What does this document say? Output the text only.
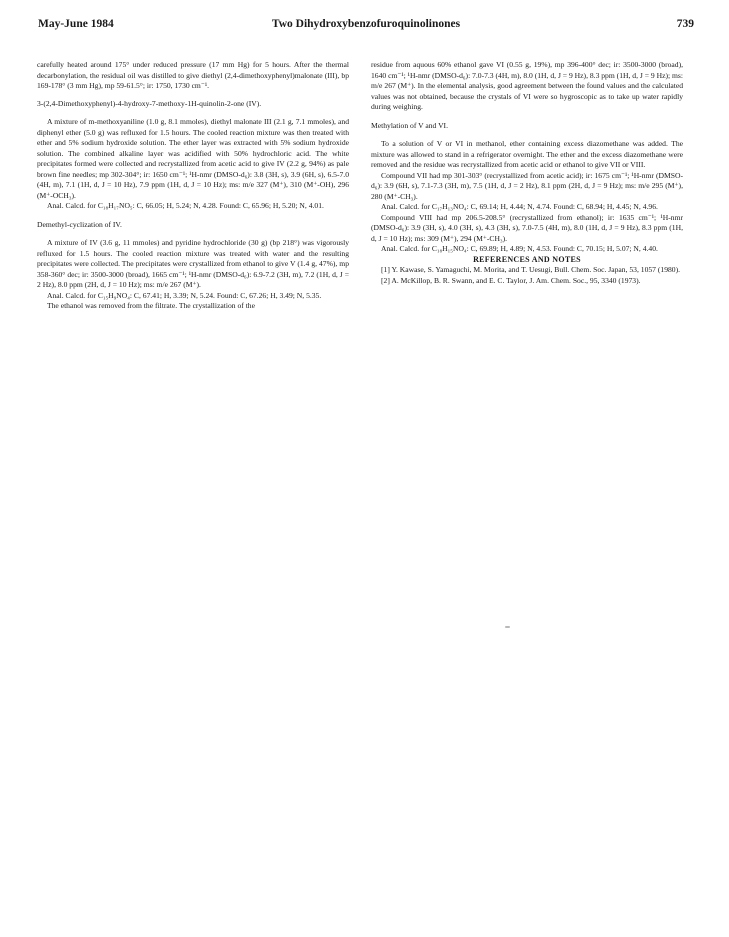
May-June 1984	Two Dihydroxybenzofuroquinolinones	739

carefully heated around 175° under reduced pressure (17 mm Hg) for 5 hours. After the thermal decarbonylation, the residual oil was distilled to give diethyl (2,4-dimethoxyphenyl)malonate (III), bp 169-178° (3 mm Hg), mp 59-61.5°; ir: 1750, 1730 cm⁻¹.

3-(2,4-Dimethoxyphenyl)-4-hydroxy-7-methoxy-1H-quinolin-2-one (IV).

A mixture of m-methoxyaniline (1.0 g, 8.1 mmoles), diethyl malonate III (2.1 g, 7.1 mmoles), and diphenyl ether (5.0 g) was refluxed for 1.5 hours. The cooled reaction mixture was then treated with ether and 5% sodium hydroxide solution. The ether layer was extracted with 5% sodium hydroxide solution. The combined alkaline layer was acidified with 50% hydrochloric acid. The white precipitates formed were collected and recrystallized from acetic acid to give IV (2.2 g, 94%) as pale brown fine needles; mp 302-304°; ir: 1650 cm⁻¹; ¹H-nmr (DMSO-d₆): 3.8 (3H, s), 3.9 (6H, s), 6.5-7.0 (4H, m), 7.1 (1H, d, J = 10 Hz), 7.9 ppm (1H, d, J = 10 Hz); ms: m/e 327 (M⁺), 310 (M⁺-OH), 296 (M⁺-OCH₃).

Anal. Calcd. for C₁₈H₁₇NO₅: C, 66.05; H, 5.24; N, 4.28. Found: C, 65.96; H, 5.20; N, 4.01.

Demethyl-cyclization of IV.

A mixture of IV (3.6 g, 11 mmoles) and pyridine hydrochloride (30 g) (bp 218°) was vigorously refluxed for 1.5 hours. The cooled reaction mixture was treated with water and the resulting precipitates were collected. The precipitates were crystallized from ethanol to give V (1.4 g, 47%), mp 358-360° dec; ir: 3500-3000 (broad), 1665 cm⁻¹; ¹H-nmr (DMSO-d₆): 6.9-7.2 (3H, m), 7.2 (1H, d, J = 2 Hz), 8.0 ppm (2H, d, J = 10 Hz); ms: m/e 267 (M⁺).

Anal. Calcd. for C₁₅H₉NO₄: C, 67.41; H, 3.39; N, 5.24. Found: C, 67.26; H, 3.49; N, 5.35.

The ethanol was removed from the filtrate. The crystallization of the

residue from aquous 60% ethanol gave VI (0.55 g, 19%), mp 396-400° dec; ir: 3500-3000 (broad), 1640 cm⁻¹; ¹H-nmr (DMSO-d₆): 7.0-7.3 (4H, m), 8.0 (1H, d, J = 9 Hz), 8.3 ppm (1H, d, J = 9 Hz); ms: m/e 267 (M⁺). In the elemental analysis, good agreement between the found values and the calculated values was not obtained, because the crystals of VI were so hygroscopic as to take up water rapidly during weighing.

Methylation of V and VI.

To a solution of V or VI in methanol, ether containing excess diazomethane was added. The mixture was allowed to stand in a refrigerator overnight. The ether and the excess diazomethane were removed and the residue was recrystallized from acetic acid or ethanol to give VII or VIII.

Compound VII had mp 301-303° (recrystallized from acetic acid); ir: 1675 cm⁻¹; ¹H-nmr (DMSO-d₆): 3.9 (6H, s), 7.1-7.3 (3H, m), 7.5 (1H, d, J = 2 Hz), 8.1 ppm (2H, d, J = 9 Hz); ms: m/e 295 (M⁺), 280 (M⁺-CH₃).

Anal. Calcd. for C₁₇H₁₃NO₄: C, 69.14; H, 4.44; N, 4.74. Found: C, 68.94; H, 4.45; N, 4.96.

Compound VIII had mp 206.5-208.5° (recrystallized from ethanol); ir: 1635 cm⁻¹; ¹H-nmr (DMSO-d₆): 3.9 (3H, s), 4.0 (3H, s), 4.3 (3H, s), 7.0-7.5 (4H, m), 8.0 (1H, d, J = 9 Hz), 8.3 ppm (1H, d, J = 10 Hz); ms: 309 (M⁺), 294 (M⁺-CH₃).

Anal. Calcd. for C₁₈H₁₅NO₄: C, 69.89; H, 4.89; N, 4.53. Found: C, 70.15; H, 5.07; N, 4.40.

REFERENCES AND NOTES

[1] Y. Kawase, S. Yamaguchi, M. Morita, and T. Uesugi, Bull. Chem. Soc. Japan, 53, 1057 (1980).

[2] A. McKillop, B. R. Swann, and E. C. Taylor, J. Am. Chem. Soc., 95, 3340 (1973).
